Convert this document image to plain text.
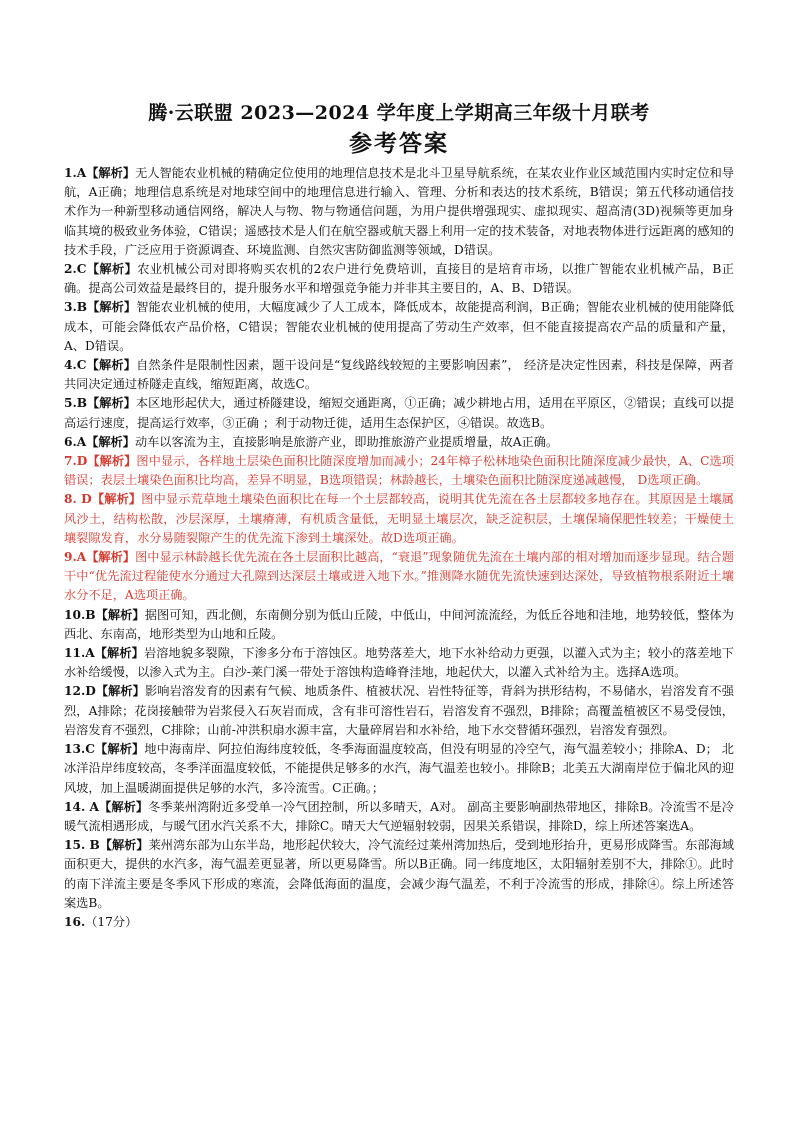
腾·云联盟 2023—2024 学年度上学期高三年级十月联考
参考答案

1.A【解析】无人智能农业机械的精确定位使用的地理信息技术是北斗卫星导航系统，在某农业作业区域范围内实时定位和导航，A正确；地理信息系统是对地球空间中的地理信息进行输入、管理、分析和表达的技术系统，B错误；第五代移动通信技术作为一种新型移动通信网络，解决人与物、物与物通信问题，为用户提供增强现实、虚拟现实、超高清(3D)视频等更加身临其境的极致业务体验，C错误；遥感技术是人们在航空器或航天器上利用一定的技术装备，对地表物体进行远距离的感知的技术手段，广泛应用于资源调查、环境监测、自然灾害防御监测等领域，D错误。

2.C【解析】农业机械公司对即将购买农机的2农户进行免费培训，直接目的是培育市场，以推广智能农业机械产品，B正确。提高公司效益是最终目的，提升服务水平和增强竞争能力并非其主要目的，A、B、D错误。

3.B【解析】智能农业机械的使用，大幅度减少了人工成本，降低成本，故能提高利润，B正确；智能农业机械的使用能降低成本，可能会降低农产品价格，C错误；智能农业机械的使用提高了劳动生产效率，但不能直接提高农产品的质量和产量，A、D错误。

4.C【解析】自然条件是限制性因素，题干设问是“复线路线较短的主要影响因素”， 经济是决定性因素，科技是保障，两者共同决定通过桥隧走直线，缩短距离，故选C。

5.B【解析】本区地形起伏大，通过桥隧建设，缩短交通距离，①正确；减少耕地占用，适用在平原区，②错误；直线可以提高运行速度，提高运行效率，③正确 ；利于动物迁徙，适用生态保护区，④错误。故选B。

6.A【解析】动车以客流为主，直接影响是旅游产业，即助推旅游产业提质增量，故A正确。

7.D【解析】图中显示，各样地土层染色面积比随深度增加而减小；24年樟子松林地染色面积比随深度减少最快，A、C选项错误；表层土壤染色面积比均高，差异不明显，B选项错误；林龄越长，土壤染色面积比随深度递减越慢， D选项正确。

8. D【解析】图中显示荒草地土壤染色面积比在每一个土层都较高，说明其优先流在各土层都较多地存在。其原因是土壤属风沙土，结构松散，沙层深厚，土壤瘠薄，有机质含量低，无明显土壤层次，缺乏淀积层，土壤保墒保肥性较差；干燥使土壤裂隙发育，水分易随裂隙产生的优先流下渗到土壤深处。故D选项正确。

9.A【解析】图中显示林龄越长优先流在各土层面积比越高，“衰退”现象随优先流在土壤内部的相对增加而逐步显现。结合题干中“优先流过程能使水分通过大孔隙到达深层土壤或进入地下水。”推测降水随优先流快速到达深处，导致植物根系附近土壤水分不足，A选项正确。

10.B【解析】据图可知，西北侧，东南侧分别为低山丘陵，中低山，中间河流流经，为低丘谷地和洼地，地势较低，整体为西北、东南高，地形类型为山地和丘陵。

11.A【解析】岩溶地貌多裂隙，下渗多分布于溶蚀区。地势落差大，地下水补给动力更强，以灌入式为主；较小的落差地下水补给缓慢，以渗入式为主。白沙-莱门溪一带处于溶蚀构造峰脊洼地，地起伏大，以灌入式补给为主。选择A选项。

12.D【解析】影响岩溶发育的因素有气候、地质条件、植被状况、岩性特征等，背斜为拱形结构，不易储水，岩溶发育不强烈，A排除；花岗接触带为岩浆侵入石灰岩而成，含有非可溶性岩石，岩溶发育不强烈，B排除；高覆盖植被区不易受侵蚀，岩溶发育不强烈，C排除；山前-冲洪积扇水源丰富，大量碎屑岩和水补给，地下水交替循环强烈，岩溶发育强烈。

13.C【解析】地中海南岸、阿拉伯海纬度较低，冬季海面温度较高，但没有明显的冷空气，海气温差较小；排除A、D； 北冰洋沿岸纬度较高，冬季洋面温度较低，不能提供足够多的水汽，海气温差也较小。排除B；北美五大湖南岸位于偏北风的迎风坡，加上温暖湖面提供足够的水汽，多冷流雪。C正确。；

14. A【解析】冬季莱州湾附近多受单一冷气团控制，所以多晴天，A对。 副高主要影响副热带地区，排除B。冷流雪不是冷暖气流相遇形成，与暖气团水汽关系不大，排除C。晴天大气逆辐射较弱，因果关系错误，排除D，综上所述答案选A。

15. B【解析】莱州湾东部为山东半岛，地形起伏较大，冷气流经过莱州湾加热后，受到地形抬升，更易形成降雪。东部海域面积更大，提供的水汽多，海气温差更显著，所以更易降雪。所以B正确。同一纬度地区，太阳辐射差别不大，排除①。此时的南下洋流主要是冬季风下形成的寒流，会降低海面的温度，会减少海气温差，不利于冷流雪的形成，排除④。综上所述答案选B。

16.（17分）
